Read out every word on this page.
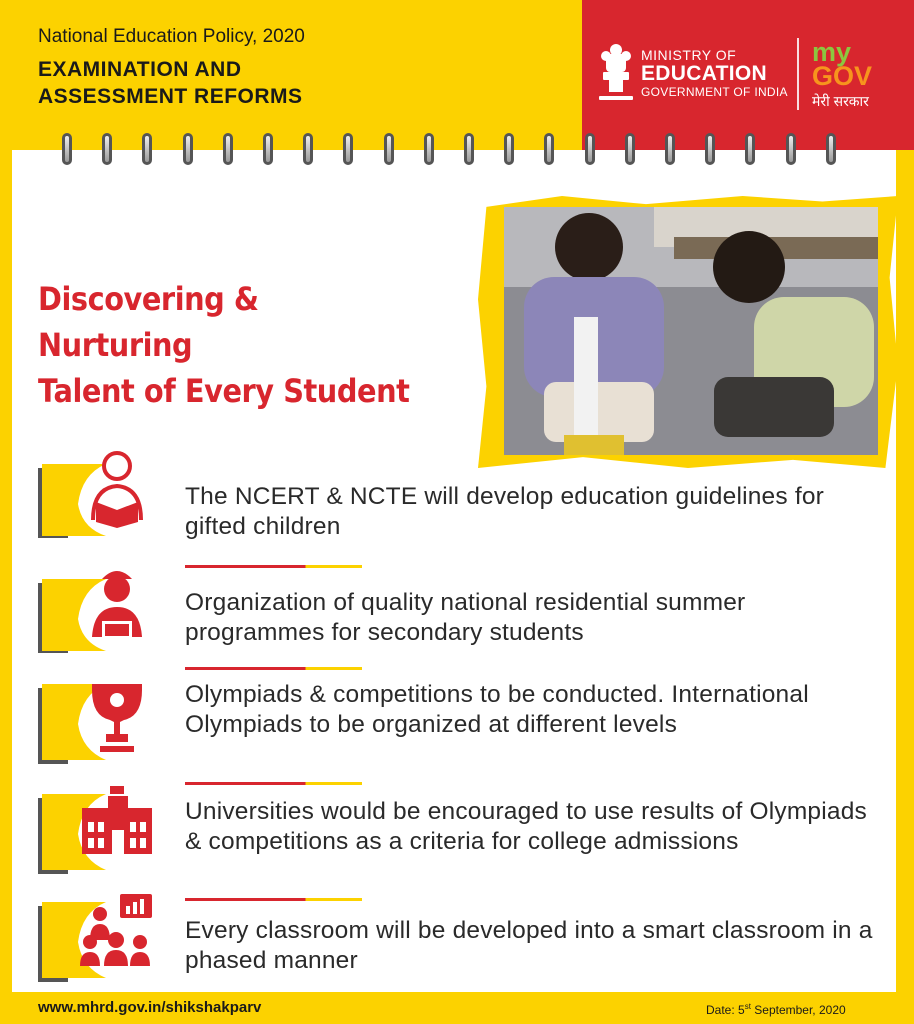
National Education Policy, 2020
EXAMINATION AND
ASSESSMENT REFORMS
MINISTRY OF
EDUCATION
GOVERNMENT OF INDIA
my
GOV
मेरी सरकार
Discovering & Nurturing
Talent of Every Student
The NCERT & NCTE will develop education guidelines for gifted children
Organization of quality national residential summer programmes for secondary students
Olympiads & competitions to be conducted. International Olympiads to be organized at different levels
Universities would be encouraged to use results of Olympiads & competitions as a criteria for college admissions
Every classroom will be developed into a smart classroom in a phased manner
www.mhrd.gov.in/shikshakparv	Date: 5st September, 2020
